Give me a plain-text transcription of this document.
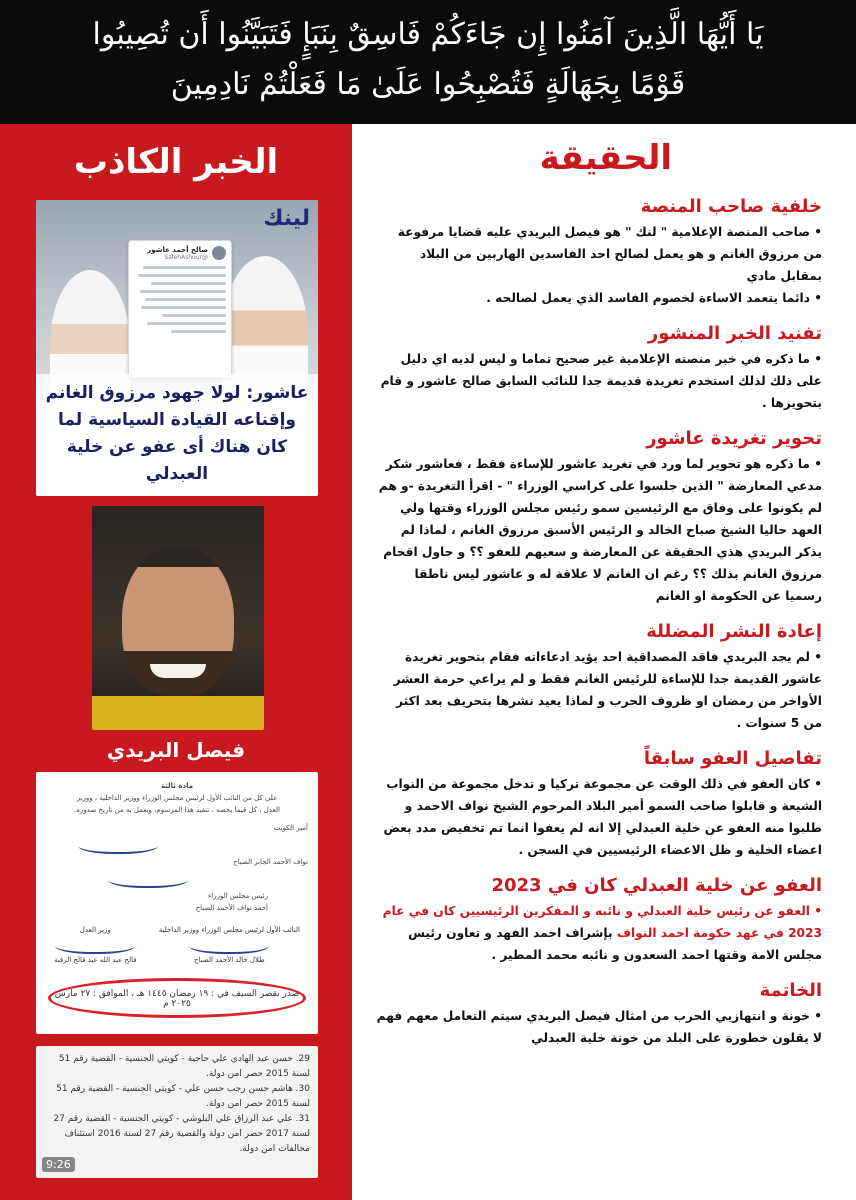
يَا أَيُّهَا الَّذِينَ آمَنُوا إِن جَاءَكُمْ فَاسِقٌ بِنَبَإٍ فَتَبَيَّنُوا أَن تُصِيبُوا
قَوْمًا بِجَهَالَةٍ فَتُصْبِحُوا عَلَىٰ مَا فَعَلْتُمْ نَادِمِينَ
الخبر الكاذب
لينك
صالح أحمد عاشور
@SalehAshour
عاشور: لولا جهود مرزوق الغانم وإقناعه القيادة السياسية لما كان هناك أى عفو عن خلية العبدلي
فيصل البريدي
مادة ثالثة
على كل من النائب الأول لرئيس مجلس الوزراء ووزير الداخلية ، ووزير
العدل ، كل فيما يخصه ، تنفيذ هذا المرسوم، ويعمل به من تاريخ صدوره.
أمير الكويت
نواف الأحمد الجابر الصباح
رئيس مجلس الوزراء
أحمد نواف الأحمد الصباح
النائب الأول لرئيس مجلس الوزراء ووزير الداخلية
طلال خالد الأحمد الصباح
وزير العدل
فالح عبد الله عبد فالح الرقبة
صدر بقصر السيف في : ١٩ رمضان ١٤٤٥ هـ ، الموافق : ٢٧ مارس ٢٠٢٥ م
29. حسن عبد الهادي علي حاجية - كويتي الجنسية - القضية رقم 51 لسنة 2015 حصر امن دولة.
30. هاشم حسن رجب حسن علي - كويتي الجنسية - القضية رقم 51 لسنة 2015 حصر امن دولة.
31. علي عبد الرزاق علي البلوشي - كويتي الجنسية - القضية رقم 27 لسنة 2017 حصر امن دولة والقضية رقم 27 لسنة 2016 استئناف مخالفات امن دولة.
9:26
الحقيقة
خلفية صاحب المنصة
• صاحب المنصة الإعلامية " لنك " هو فيصل البريدي عليه قضايا مرفوعة من مرزوق الغانم و هو يعمل لصالح احد الفاسدين الهاربين من البلاد بمقابل مادي
• دائما يتعمد الاساءة لخصوم الفاسد الذي يعمل لصالحه .
تفنيد الخبر المنشور
• ما ذكره في خبر منصته الإعلامية غير صحيح تماما و ليس لديه اي دليل على ذلك لذلك استخدم تغريدة قديمة جدا للنائب السابق صالح عاشور و قام بتحويرها .
تحوير تغريدة عاشور
• ما ذكره هو تحوير لما ورد في تغريد عاشور للإساءة فقط ، فعاشور شكر مدعي المعارضة " الذين جلسوا على كراسي الوزراء " - اقرأ التغريدة -و هم لم يكونوا على وفاق مع الرئيسين سمو رئيس مجلس الوزراء وقتها ولي العهد حاليا الشيخ صباح الخالد و الرئيس الأسبق مرزوق الغانم ، لماذا لم يذكر البريدي هذي الحقيقة عن المعارضة و سعيهم للعفو ؟؟ و حاول اقحام مرزوق الغانم بذلك ؟؟ رغم ان الغانم لا علاقة له و عاشور ليس ناطقا رسميا عن الحكومة او الغانم
إعادة النشر المضللة
• لم يجد البريدي فاقد المصداقية احد يؤيد ادعاءاته فقام بتحوير تغريدة عاشور القديمة جدا للإساءة للرئيس الغانم فقط و لم يراعي حرمة العشر الأواخر من رمضان او ظروف الحرب و لماذا يعيد نشرها بتحريف بعد اكثر من 5 سنوات .
تفاصيل العفو سابقاً
• كان العفو في ذلك الوقت عن مجموعة تركيا و تدخل مجموعة من النواب الشيعة و قابلوا صاحب السمو أمير البلاد المرحوم الشيخ نواف الاحمد و طلبوا منه العفو عن خلية العبدلي إلا انه لم يعفوا انما تم تخفيض مدد بعض اعضاء الخلية و ظل الاعضاء الرئيسيين في السجن .
العفو عن خلية العبدلي كان في 2023
• العفو عن رئيس خلية العبدلي و نائبه و المفكرين الرئيسيين كان في عام 2023 في عهد حكومة احمد النواف بإشراف احمد الفهد و تعاون رئيس مجلس الامة وقتها احمد السعدون و نائبه محمد المطير .
الخاتمة
• خونة و انتهازيي الحرب من امثال فيصل البريدي سيتم التعامل معهم فهم لا يقلون خطورة على البلد من خونة خلية العبدلي
